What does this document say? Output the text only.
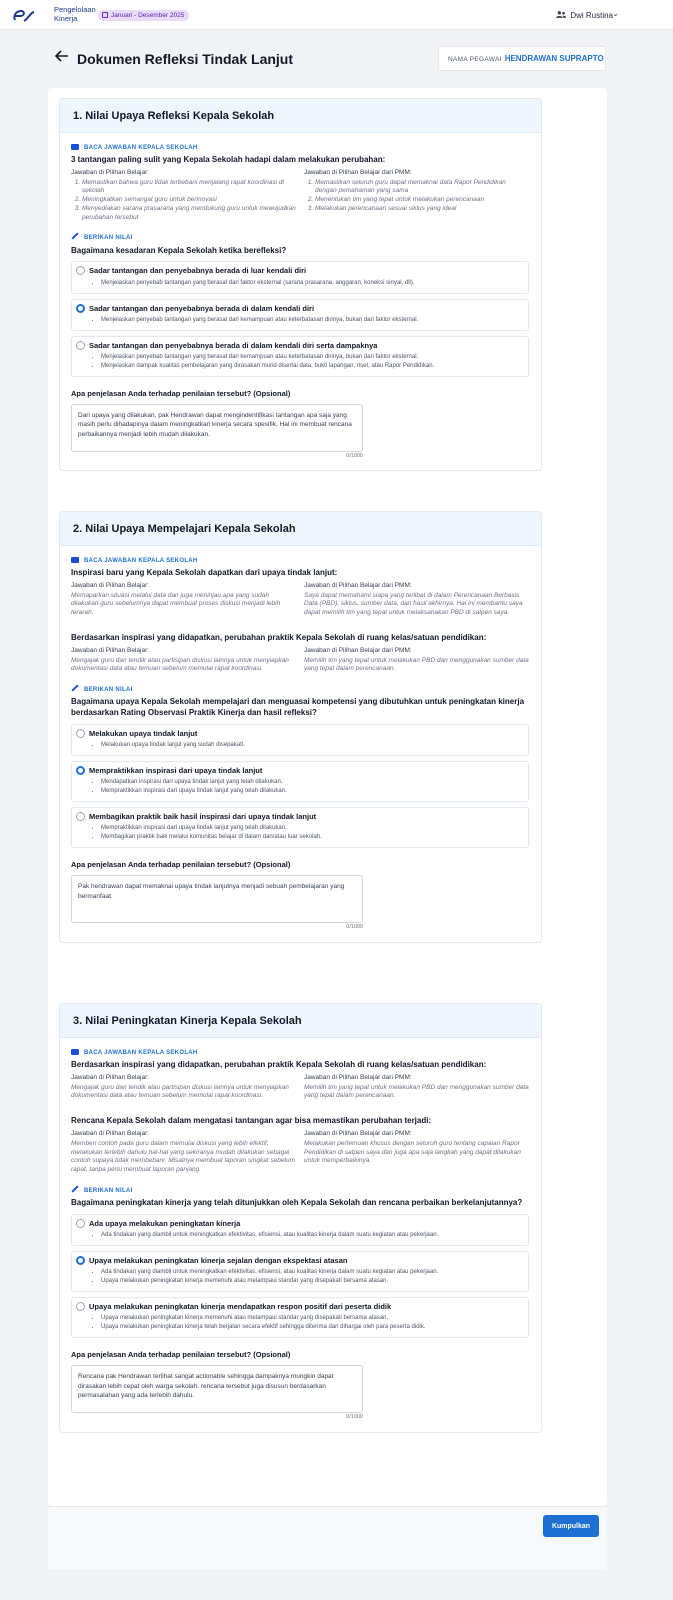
Pengelolaan
Kinerja	Januari - Desember 2025	Dwi Rustina ⌄
Dokumen Refleksi Tindak Lanjut	NAMA PEGAWAI HENDRAWAN SUPRAPTO
1. Nilai Upaya Refleksi Kepala Sekolah
BACA JAWABAN KEPALA SEKOLAH
3 tantangan paling sulit yang Kepala Sekolah hadapi dalam melakukan perubahan:
Jawaban di Pilihan Belajar:
1. Memastikan bahwa guru tidak terbebani menjalang rapat koordinasi di sekolah
2. Meningkatkan semangat guru untuk berinovasi
3. Menyediakan sarana prasarana yang mendukung guru untuk mewujudkan perubahan tersebut
Jawaban di Pilihan Belajar dari PMM:
1. Memastikan seluruh guru dapat memaknai data Rapor Pendidikan dengan pemahaman yang sama
2. Menentukan tim yang tepat untuk melakukan perencanaan
3. Melakukan perencanaan sesuai siklus yang ideal
BERIKAN NILAI
Bagaimana kesadaran Kepala Sekolah ketika berefleksi?
Sadar tantangan dan penyebabnya berada di luar kendali diri
• Menjelaskan penyebab tantangan yang berasal dari faktor eksternal (sarana prasarana, anggaran, koneksi sinyal, dll).
Sadar tantangan dan penyebabnya berada di dalam kendali diri
• Menjelaskan penyebab tantangan yang berasal dari kemampuan atau keterbatasan dirinya, bukan dari faktor eksternal.
Sadar tantangan dan penyebabnya berada di dalam kendali diri serta dampaknya
• Menjelaskan penyebab tantangan yang berasal dari kemampuan atau keterbatasan dirinya, bukan dari faktor eksternal.
• Menjelaskan dampak kualitas pembelajaran yang dirasakan murid disertai data, bukti lapangan, riset, atau Rapor Pendidikan.
Apa penjelasan Anda terhadap penilaian tersebut? (Opsional)
Dari upaya yang dilakukan, pak Hendrawan dapat mengindentifikasi tantangan apa saja yang masih perlu dihadapinya dalam meningkatkan kinerja secara spesifik. Hal ini membuat rencana perbaikannya menjadi lebih mudah dilakukan.
0/1000
2. Nilai Upaya Mempelajari Kepala Sekolah
BACA JAWABAN KEPALA SEKOLAH
Inspirasi baru yang Kepala Sekolah dapatkan dari upaya tindak lanjut:
Jawaban di Pilihan Belajar:
Memaparkan situasi melalui data dan juga meninjau apa yang sudah dilakukan guru sebelumnya dapat membuat proses diskusi menjadi lebih terarah.
Jawaban di Pilihan Belajar dari PMM:
Saya dapat memahami siapa yang terlibat di dalam Perencanaan Berbasis Data (PBD), siklus, sumber data, dan hasil akhirnya. Hal ini membantu saya dapat memilih tim yang tepat untuk melaksanakan PBD di satpen saya.
Berdasarkan inspirasi yang didapatkan, perubahan praktik Kepala Sekolah di ruang kelas/satuan pendidikan:
Jawaban di Pilihan Belajar:
Mengajak guru dan tendik atau partisipan diskusi lainnya untuk menyiapkan dokumentasi data atau temuan sebelum memulai rapat koordinasi.
Jawaban di Pilihan Belajar dari PMM:
Memilih tim yang tepat untuk melakukan PBD dan menggunakan sumber data yang tepat dalam perencanaan.
BERIKAN NILAI
Bagaimana upaya Kepala Sekolah mempelajari dan menguasai kompetensi yang dibutuhkan untuk peningkatan kinerja berdasarkan Rating Observasi Praktik Kinerja dan hasil refleksi?
Melakukan upaya tindak lanjut
• Melakukan upaya tindak lanjut yang sudah disepakati.
Mempraktikkan inspirasi dari upaya tindak lanjut
• Mendapatkan inspirasi dari upaya tindak lanjut yang telah dilakukan.
• Mempraktikkan inspirasi dari upaya tindak lanjut yang telah dilakukan.
Membagikan praktik baik hasil inspirasi dari upaya tindak lanjut
• Mempraktikkan inspirasi dari upaya tindak lanjut yang telah dilakukan.
• Membagikan praktik baik melalui komunitas belajar di dalam dan/atau luar sekolah.
Apa penjelasan Anda terhadap penilaian tersebut? (Opsional)
Pak hendrawan dapat memaknai upaya tindak lanjutnya menjadi sebuah pembelajaran yang bermanfaat.
0/1000
3. Nilai Peningkatan Kinerja Kepala Sekolah
BACA JAWABAN KEPALA SEKOLAH
Berdasarkan inspirasi yang didapatkan, perubahan praktik Kepala Sekolah di ruang kelas/satuan pendidikan:
Jawaban di Pilihan Belajar:
Mengajak guru dan tendik atau partisipan diskusi lainnya untuk menyiapkan dokumentasi data atau temuan sebelum memulai rapat koordinasi.
Jawaban di Pilihan Belajar dari PMM:
Memilih tim yang tepat untuk melakukan PBD dan menggunakan sumber data yang tepat dalam perencanaan.
Rencana Kepala Sekolah dalam mengatasi tantangan agar bisa memastikan perubahan terjadi:
Jawaban di Pilihan Belajar:
Memberi contoh pada guru dalam memulai diskusi yang lebih efektif, melakukan terlebih dahulu hal-hal yang sekiranya mudah dilakukan sebagai contoh supaya tidak membebani. Misalnya membuat laporan singkat sebelum rapat, tanpa perlu membuat laporan panjang.
Jawaban di Pilihan Belajar dari PMM:
Melakukan pertemuan khusus dengan seluruh guru tentang capaian Rapor Pendidikan di satpen saya dan juga apa saja langkah yang dapat dilakukan untuk memperbaikinya.
BERIKAN NILAI
Bagaimana peningkatan kinerja yang telah ditunjukkan oleh Kepala Sekolah dan rencana perbaikan berkelanjutannya?
Ada upaya melakukan peningkatan kinerja
• Ada tindakan yang diambil untuk meningkatkan efektivitas, efisiensi, atau kualitas kinerja dalam suatu kegiatan atau pekerjaan.
Upaya melakukan peningkatan kinerja sejalan dengan ekspektasi atasan
• Ada tindakan yang diambil untuk meningkatkan efektivitas, efisiensi, atau kualitas kinerja dalam suatu kegiatan atau pekerjaan.
• Upaya melakukan peningkatan kinerja memenuhi atau melampaui standar yang disepakati bersama atasan.
Upaya melakukan peningkatan kinerja mendapatkan respon positif dari peserta didik
• Upaya melakukan peningkatan kinerja memenuhi atau melampaui standar yang disepakati bersama atasan.
• Upaya melakukan peningkatan kinerja telah berjalan secara efektif sehingga diterima dan dihargai oleh para peserta didik.
Apa penjelasan Anda terhadap penilaian tersebut? (Opsional)
Rencana pak Hendrawan terlihat sangat actionable sehingga dampaknya mungkin dapat dirasakan lebih cepat oleh warga sekolah. rencana tersebut juga disusun berdasarkan permasalahan yang ada terlebih dahulu.
0/1000
Kumpulkan
